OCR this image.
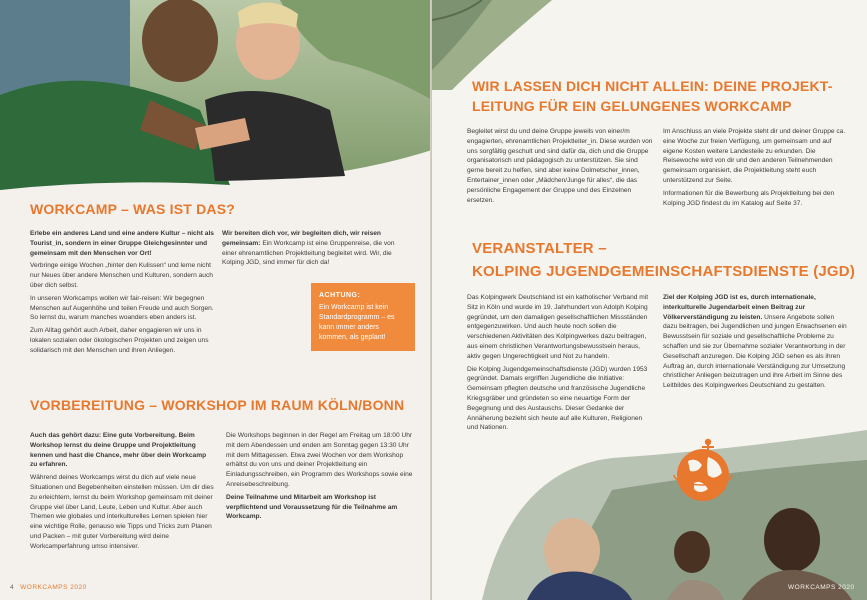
WORKCAMP – WAS IST DAS?

Erlebe ein anderes Land und eine andere Kultur – nicht als Tourist_in, sondern in einer Gruppe Gleichgesinnter und gemeinsam mit den Menschen vor Ort!

Verbringe einige Wochen „hinter den Kulissen“ und lerne nicht nur Neues über andere Menschen und Kulturen, sondern auch über dich selbst.

In unseren Workcamps wollen wir fair-reisen: Wir begegnen Menschen auf Augenhöhe und teilen Freude und auch Sorgen. So lernst du, warum manches woanders eben anders ist.

Zum Alltag gehört auch Arbeit, daher engagieren wir uns in lokalen sozialen oder ökologischen Projekten und zeigen uns solidarisch mit den Menschen und ihren Anliegen.

Wir bereiten dich vor, wir begleiten dich, wir reisen gemeinsam: Ein Workcamp ist eine Gruppenreise, die von einer ehrenamtlichen Projektleitung begleitet wird. Wir, die Kolping JGD, sind immer für dich da!

ACHTUNG:
Ein Workcamp ist kein Standardprogramm – es kann immer anders kommen, als geplant!
VORBEREITUNG – WORKSHOP IM RAUM KÖLN/BONN

Auch das gehört dazu: Eine gute Vorbereitung. Beim Workshop lernst du deine Gruppe und Projektleitung kennen und hast die Chance, mehr über dein Workcamp zu erfahren.

Während deines Workcamps wirst du dich auf viele neue Situationen und Begebenheiten einstellen müssen. Um dir dies zu erleichtern, lernst du beim Workshop gemeinsam mit deiner Gruppe viel über Land, Leute, Leben und Kultur. Aber auch Themen wie globales und interkulturelles Lernen spielen hier eine wichtige Rolle, genauso wie Tipps und Tricks zum Planen und Packen – mit guter Vorbereitung wird deine Workcamperfahrung umso intensiver.

Die Workshops beginnen in der Regel am Freitag um 18:00 Uhr mit dem Abendessen und enden am Sonntag gegen 13:30 Uhr mit dem Mittagessen. Etwa zwei Wochen vor dem Workshop erhältst du von uns und deiner Projektleitung ein Einladungsschreiben, ein Programm des Workshops sowie eine Anreisebeschreibung.

Deine Teilnahme und Mitarbeit am Workshop ist verpflichtend und Voraussetzung für die Teilnahme am Workcamp.

4 WORKCAMPS 2020
WIR LASSEN DICH NICHT ALLEIN: DEINE PROJEKT-
LEITUNG FÜR EIN GELUNGENES WORKCAMP

Begleitet wirst du und deine Gruppe jeweils von einer/m engagierten, ehrenamtlichen Projektleiter_in. Diese wurden von uns sorgfältig geschult und sind dafür da, dich und die Gruppe organisatorisch und pädagogisch zu unterstützen. Sie sind gerne bereit zu helfen, sind aber keine Dolmetscher_innen, Entertainer_innen oder „Mädchen/Junge für alles“, die das persönliche Engagement der Gruppe und des Einzelnen ersetzen.

Im Anschluss an viele Projekte steht dir und deiner Gruppe ca. eine Woche zur freien Verfügung, um gemeinsam und auf eigene Kosten weitere Landesteile zu erkunden. Die Reisewoche wird von dir und den anderen Teilnehmenden gemeinsam organisiert, die Projektleitung steht euch unterstützend zur Seite.

Informationen für die Bewerbung als Projektleitung bei den Kolping JGD findest du im Katalog auf Seite 37.

VERANSTALTER –
KOLPING JUGENDGEMEINSCHAFTSDIENSTE (JGD)

Das Kolpingwerk Deutschland ist ein katholischer Verband mit Sitz in Köln und wurde im 19. Jahrhundert von Adolph Kolping gegründet, um den damaligen gesellschaftlichen Missständen entgegenzuwirken. Und auch heute noch sollen die verschiedenen Aktivitäten des Kolpingwerkes dazu beitragen, aus einem christlichen Verantwortungsbewusstsein heraus, aktiv gegen Ungerechtigkeit und Not zu handeln.

Die Kolping Jugendgemeinschaftsdienste (JGD) wurden 1953 gegründet. Damals ergriffen Jugendliche die Initiative: Gemeinsam pflegten deutsche und französische Jugendliche Kriegsgräber und gründeten so eine neuartige Form der Begegnung und des Austauschs. Dieser Gedanke der Annäherung bezieht sich heute auf alle Kulturen, Religionen und Nationen.

Ziel der Kolping JGD ist es, durch internationale, interkulturelle Jugendarbeit einen Beitrag zur Völkerverständigung zu leisten. Unsere Angebote sollen dazu beitragen, bei Jugendlichen und jungen Erwachsenen ein Bewusstsein für soziale und gesellschaftliche Probleme zu schaffen und sie zur Übernahme sozialer Verantwortung in der Gesellschaft anzuregen. Die Kolping JGD sehen es als ihren Auftrag an, durch internationale Verständigung zur Umsetzung christlicher Anliegen beizutragen und ihre Arbeit im Sinne des Leitbildes des Kolpingwerkes Deutschland zu gestalten.

WORKCAMPS 2020
